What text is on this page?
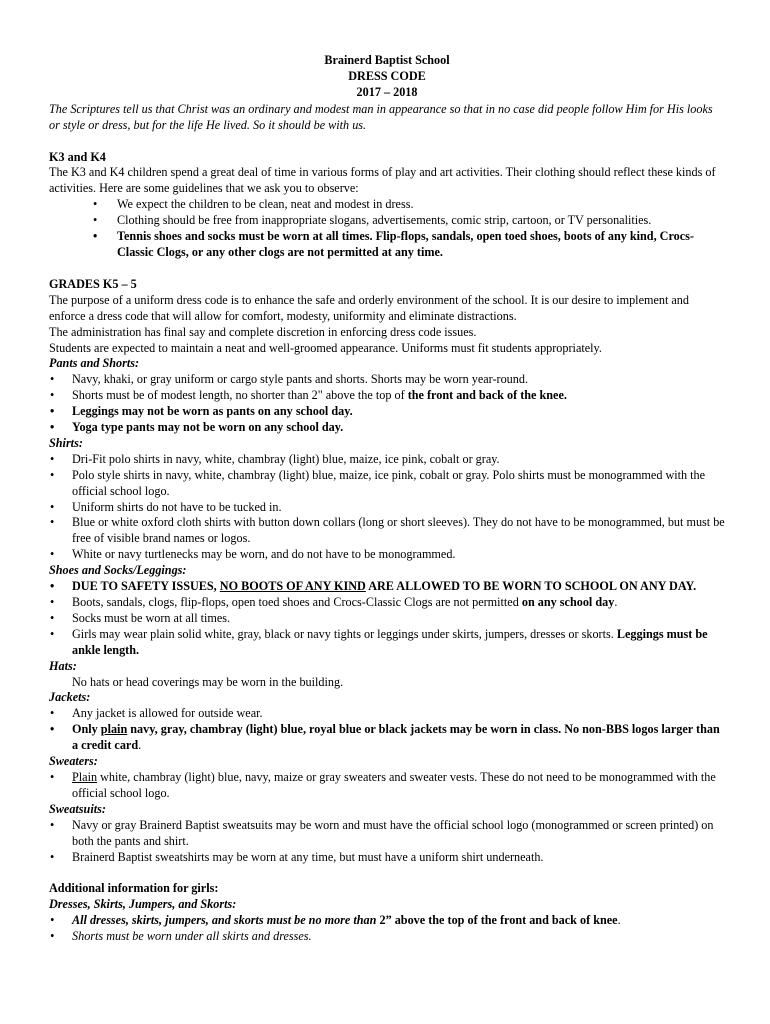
Brainerd Baptist School
DRESS CODE
2017 – 2018
The Scriptures tell us that Christ was an ordinary and modest man in appearance so that in no case did people follow Him for His looks or style or dress, but for the life He lived. So it should be with us.
K3 and K4
The K3 and K4 children spend a great deal of time in various forms of play and art activities. Their clothing should reflect these kinds of activities. Here are some guidelines that we ask you to observe:
• We expect the children to be clean, neat and modest in dress.
• Clothing should be free from inappropriate slogans, advertisements, comic strip, cartoon, or TV personalities.
• Tennis shoes and socks must be worn at all times. Flip-flops, sandals, open toed shoes, boots of any kind, Crocs-Classic Clogs, or any other clogs are not permitted at any time.
GRADES K5 – 5
The purpose of a uniform dress code is to enhance the safe and orderly environment of the school. It is our desire to implement and enforce a dress code that will allow for comfort, modesty, uniformity and eliminate distractions.
The administration has final say and complete discretion in enforcing dress code issues.
Students are expected to maintain a neat and well-groomed appearance. Uniforms must fit students appropriately.
Pants and Shorts:
• Navy, khaki, or gray uniform or cargo style pants and shorts. Shorts may be worn year-round.
• Shorts must be of modest length, no shorter than 2" above the top of the front and back of the knee.
• Leggings may not be worn as pants on any school day.
• Yoga type pants may not be worn on any school day.
Shirts:
• Dri-Fit polo shirts in navy, white, chambray (light) blue, maize, ice pink, cobalt or gray.
• Polo style shirts in navy, white, chambray (light) blue, maize, ice pink, cobalt or gray. Polo shirts must be monogrammed with the official school logo.
• Uniform shirts do not have to be tucked in.
• Blue or white oxford cloth shirts with button down collars (long or short sleeves). They do not have to be monogrammed, but must be free of visible brand names or logos.
• White or navy turtlenecks may be worn, and do not have to be monogrammed.
Shoes and Socks/Leggings:
• DUE TO SAFETY ISSUES, NO BOOTS OF ANY KIND ARE ALLOWED TO BE WORN TO SCHOOL ON ANY DAY.
• Boots, sandals, clogs, flip-flops, open toed shoes and Crocs-Classic Clogs are not permitted on any school day.
• Socks must be worn at all times.
• Girls may wear plain solid white, gray, black or navy tights or leggings under skirts, jumpers, dresses or skorts. Leggings must be ankle length.
Hats:
No hats or head coverings may be worn in the building.
Jackets:
• Any jacket is allowed for outside wear.
• Only plain navy, gray, chambray (light) blue, royal blue or black jackets may be worn in class. No non-BBS logos larger than a credit card.
Sweaters:
• Plain white, chambray (light) blue, navy, maize or gray sweaters and sweater vests. These do not need to be monogrammed with the official school logo.
Sweatsuits:
• Navy or gray Brainerd Baptist sweatsuits may be worn and must have the official school logo (monogrammed or screen printed) on both the pants and shirt.
• Brainerd Baptist sweatshirts may be worn at any time, but must have a uniform shirt underneath.
Additional information for girls:
Dresses, Skirts, Jumpers, and Skorts:
• All dresses, skirts, jumpers, and skorts must be no more than 2” above the top of the front and back of knee.
• Shorts must be worn under all skirts and dresses.
